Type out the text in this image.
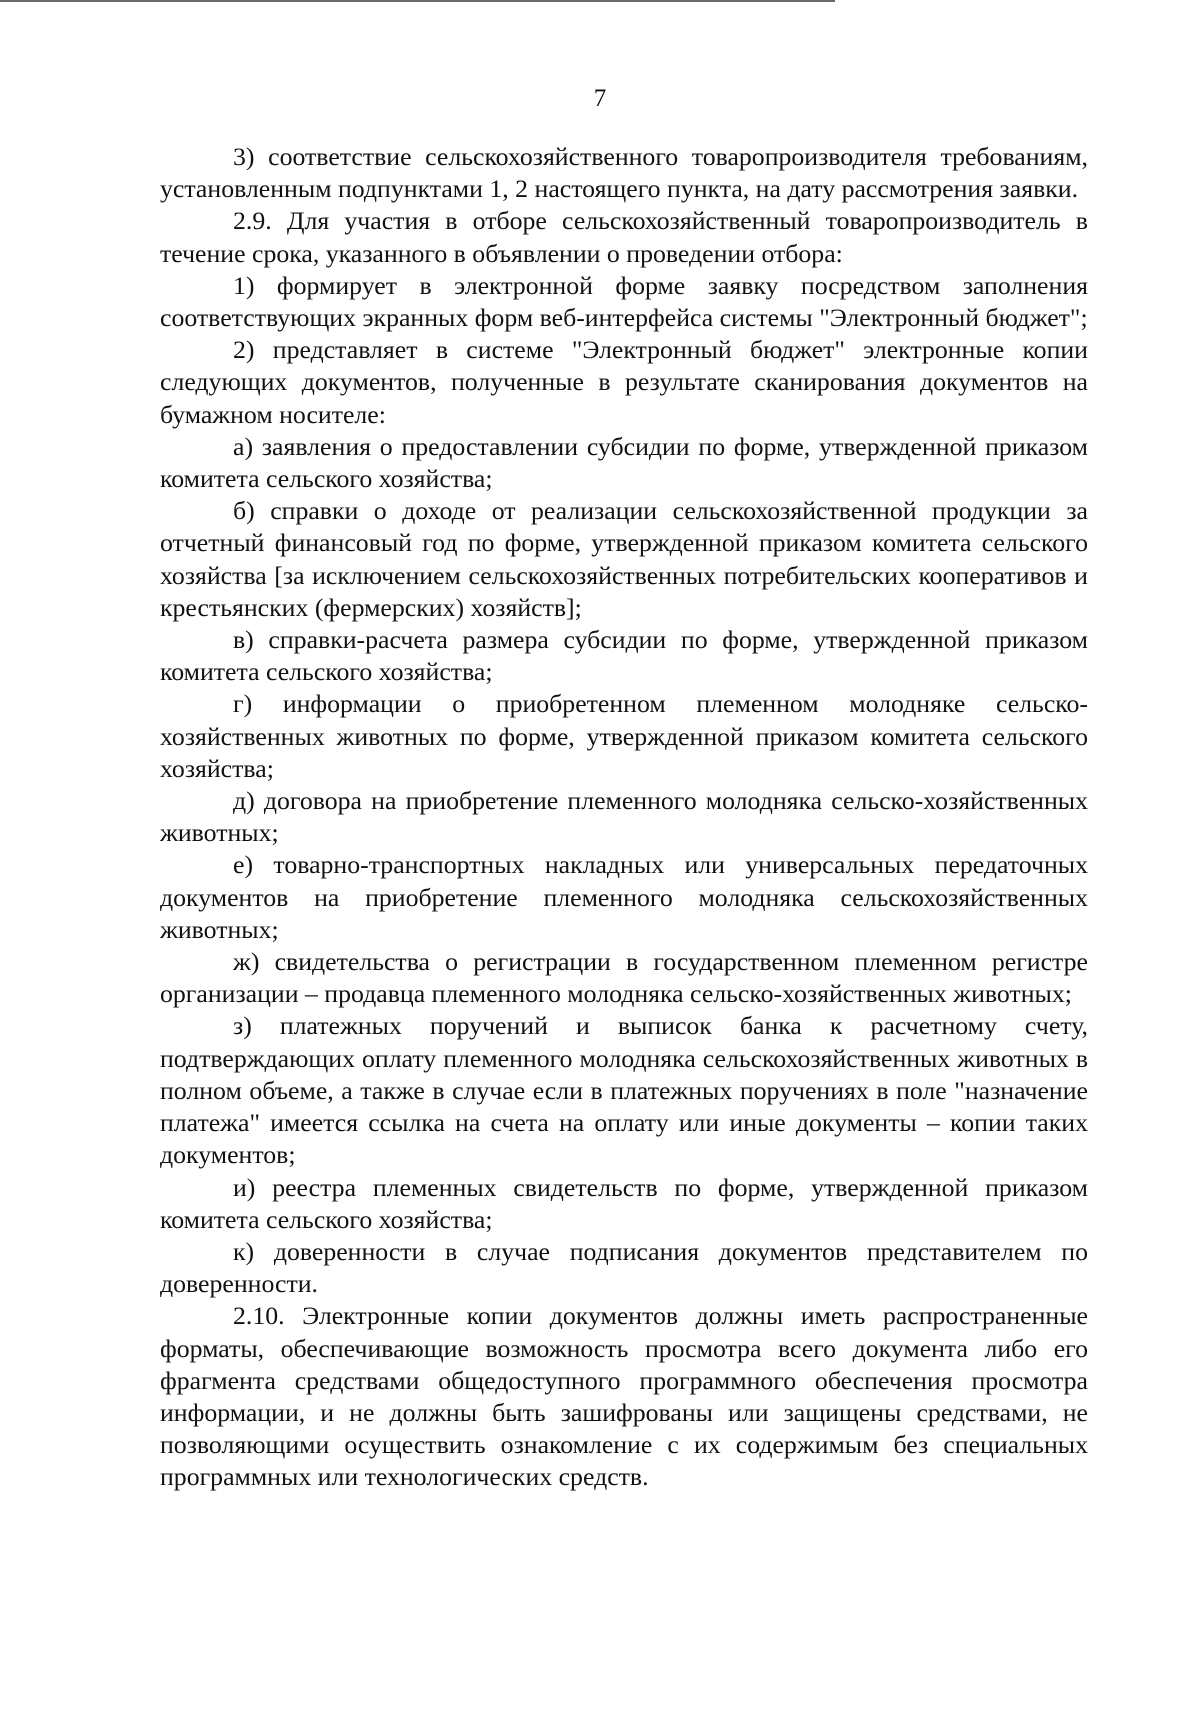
7

3) соответствие сельскохозяйственного товаропроизводителя требованиям, установленным подпунктами 1, 2 настоящего пункта, на дату рассмотрения заявки.

2.9. Для участия в отборе сельскохозяйственный товаропроизводитель в течение срока, указанного в объявлении о проведении отбора:

1) формирует в электронной форме заявку посредством заполнения соответствующих экранных форм веб-интерфейса системы "Электронный бюджет";

2) представляет в системе "Электронный бюджет" электронные копии следующих документов, полученные в результате сканирования документов на бумажном носителе:

а) заявления о предоставлении субсидии по форме, утвержденной приказом комитета сельского хозяйства;

б) справки о доходе от реализации сельскохозяйственной продукции за отчетный финансовый год по форме, утвержденной приказом комитета сельского хозяйства [за исключением сельскохозяйственных потребительских кооперативов и крестьянских (фермерских) хозяйств];

в) справки-расчета размера субсидии по форме, утвержденной приказом комитета сельского хозяйства;

г) информации о приобретенном племенном молодняке сельско-хозяйственных животных по форме, утвержденной приказом комитета сельского хозяйства;

д) договора на приобретение племенного молодняка сельско-хозяйственных животных;

е) товарно-транспортных накладных или универсальных передаточных документов на приобретение племенного молодняка сельскохозяйственных животных;

ж) свидетельства о регистрации в государственном племенном регистре организации – продавца племенного молодняка сельско-хозяйственных животных;

з) платежных поручений и выписок банка к расчетному счету, подтверждающих оплату племенного молодняка сельскохозяйственных животных в полном объеме, а также в случае если в платежных поручениях в поле "назначение платежа" имеется ссылка на счета на оплату или иные документы – копии таких документов;

и) реестра племенных свидетельств по форме, утвержденной приказом комитета сельского хозяйства;

к) доверенности в случае подписания документов представителем по доверенности.

2.10. Электронные копии документов должны иметь распространенные форматы, обеспечивающие возможность просмотра всего документа либо его фрагмента средствами общедоступного программного обеспечения просмотра информации, и не должны быть зашифрованы или защищены средствами, не позволяющими осуществить ознакомление с их содержимым без специальных программных или технологических средств.
